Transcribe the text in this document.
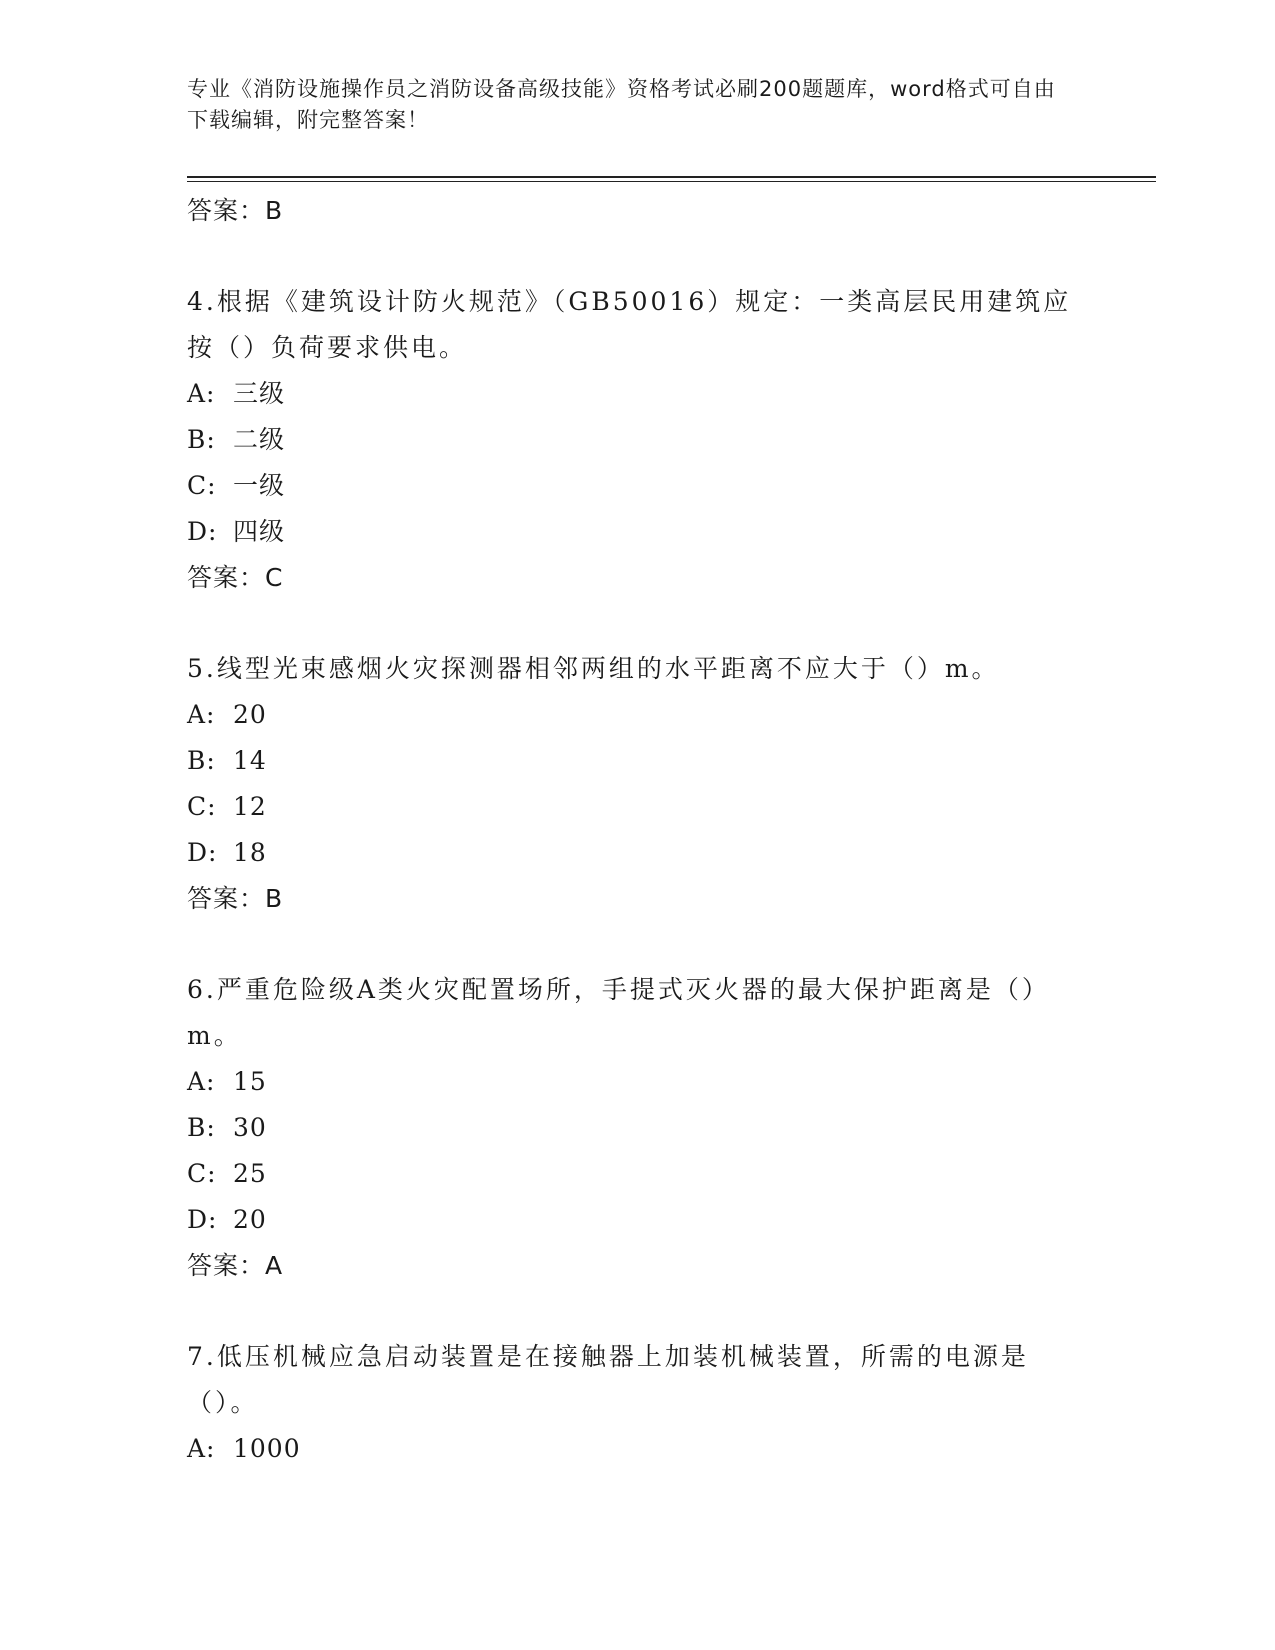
专业《消防设施操作员之消防设备高级技能》资格考试必刷200题题库，word格式可自由下载编辑，附完整答案！
答案：B
4.根据《建筑设计防火规范》（GB50016）规定：一类高层民用建筑应按（）负荷要求供电。
A: 三级
B: 二级
C: 一级
D: 四级
答案：C
5.线型光束感烟火灾探测器相邻两组的水平距离不应大于（）m。
A: 20
B: 14
C: 12
D: 18
答案：B
6.严重危险级A类火灾配置场所，手提式灭火器的最大保护距离是（）m。
A: 15
B: 30
C: 25
D: 20
答案：A
7.低压机械应急启动装置是在接触器上加装机械装置，所需的电源是（）。
A: 1000
